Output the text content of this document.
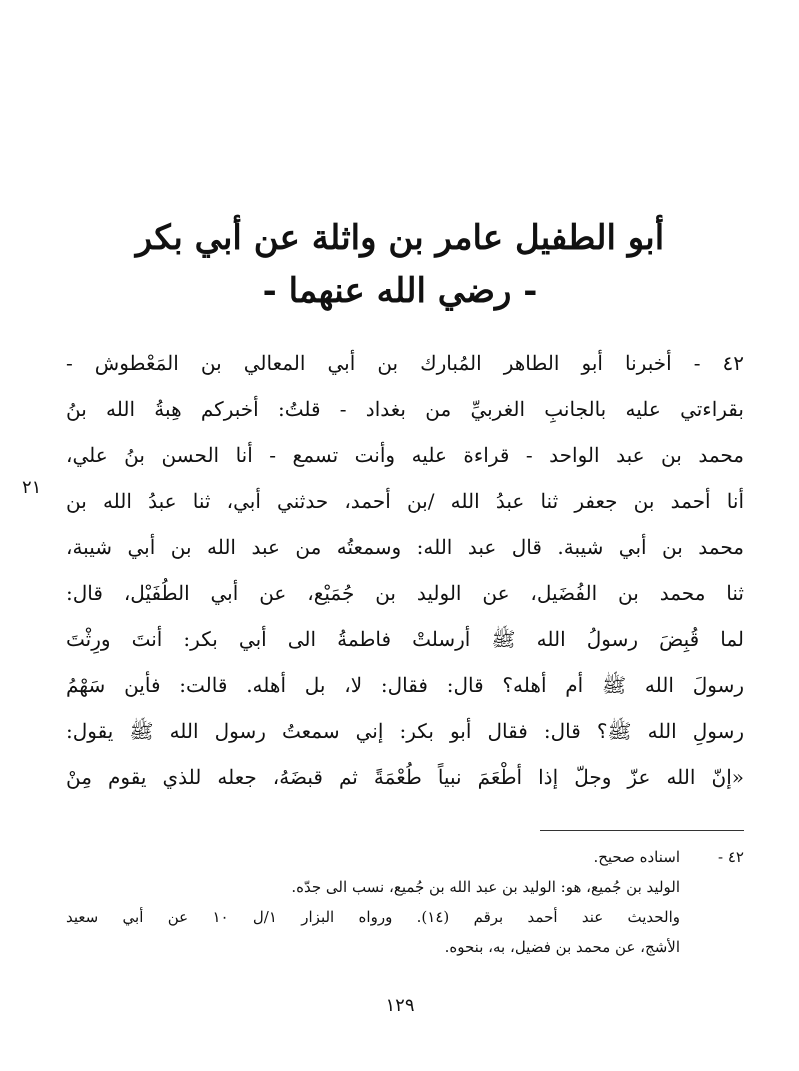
أبو الطفيل عامر بن واثلة عن أبي بكر
- رضي الله عنهما -
٤٢ - أخبرنا أبو الطاهر المُبارك بن أبي المعالي بن المَعْطوش -
بقراءتي عليه بالجانبِ الغربيِّ من بغداد - قلتُ: أخبركم هِبةُ الله بنُ
محمد بن عبد الواحد - قراءة عليه وأنت تسمع - أنا الحسن بنُ علي،
أنا أحمد بن جعفر ثنا عبدُ الله /بن أحمد، حدثني أبي، ثنا عبدُ الله بن
محمد بن أبي شيبة. قال عبد الله: وسمعتُه من عبد الله بن أبي شيبة،
ثنا محمد بن الفُضَيل، عن الوليد بن جُمَيْع، عن أبي الطُفَيْل، قال:
لما قُبِضَ رسولُ الله ﷺ أرسلتْ فاطمةُ الى أبي بكر: أنتَ ورِثْتَ
رسولَ الله ﷺ أم أهله؟ قال: فقال: لا، بل أهله. قالت: فأين سَهْمُ
رسولِ الله ﷺ؟ قال: فقال أبو بكر: إني سمعتُ رسول الله ﷺ يقول:
«إنّ الله عزّ وجلّ إذا أطْعَمَ نبياً طُعْمَةً ثم قبضَهُ، جعله للذي يقوم مِنْ
٢١
٤٢ -
اسناده صحيح.
الوليد بن جُميع، هو: الوليد بن عبد الله بن جُميع، نسب الى جدّه.
والحديث عند أحمد برقم (١٤). ورواه البزار ١/ل ١٠ عن أبي سعيد
الأشج، عن محمد بن فضيل، به، بنحوه.
١٢٩
